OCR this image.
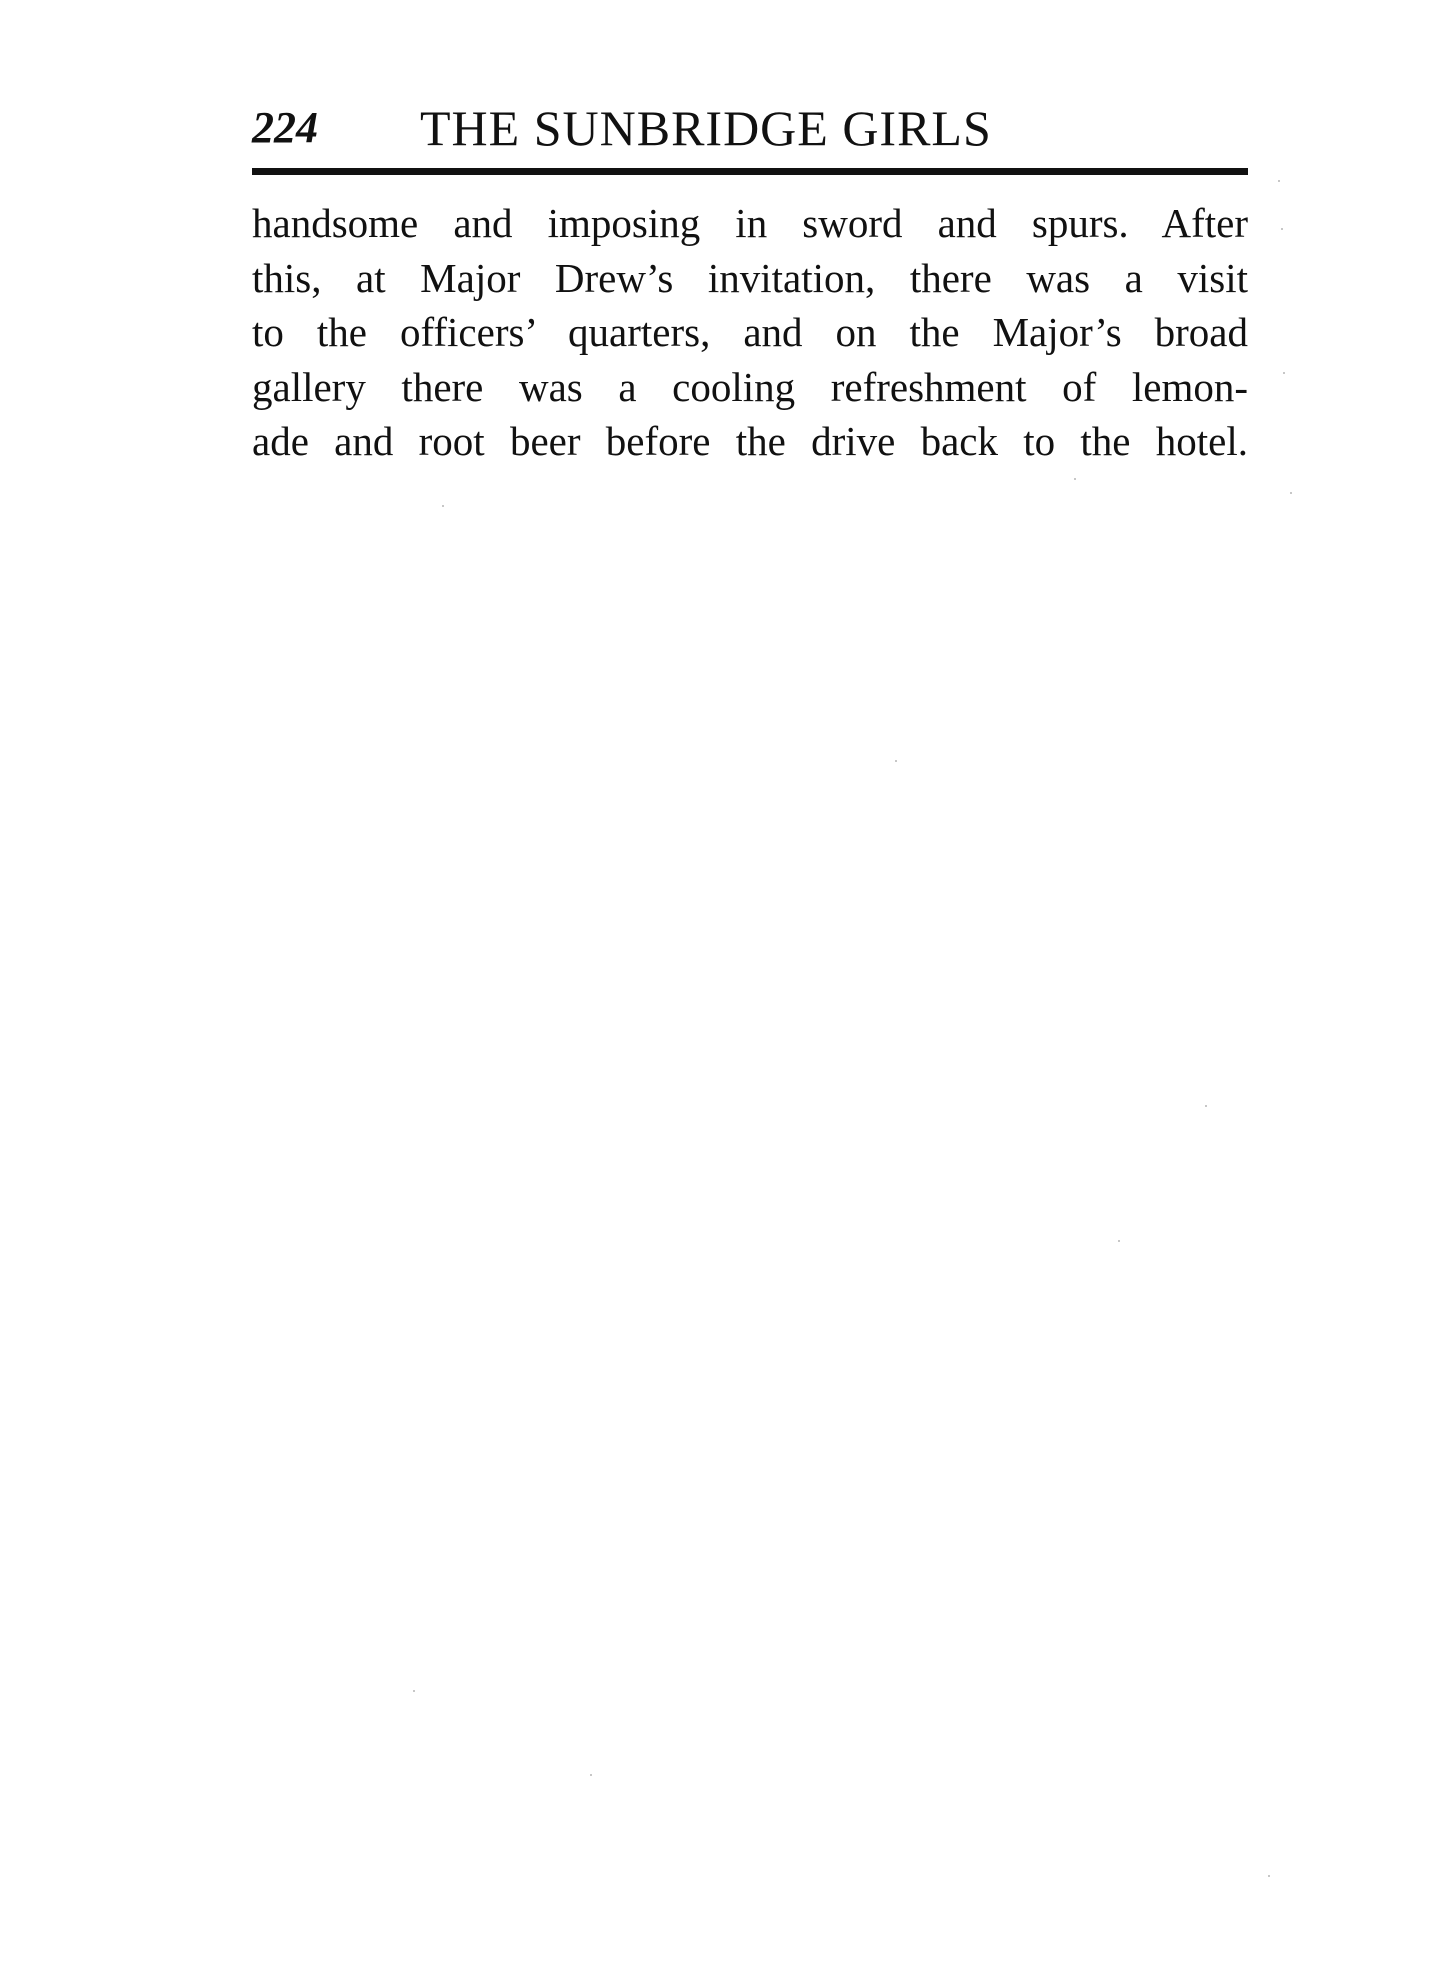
224 THE SUNBRIDGE GIRLS
handsome and imposing in sword and spurs. After
this, at Major Drew’s invitation, there was a visit
to the officers’ quarters, and on the Major’s broad
gallery there was a cooling refreshment of lemon-
ade and root beer before the drive back to the hotel.
